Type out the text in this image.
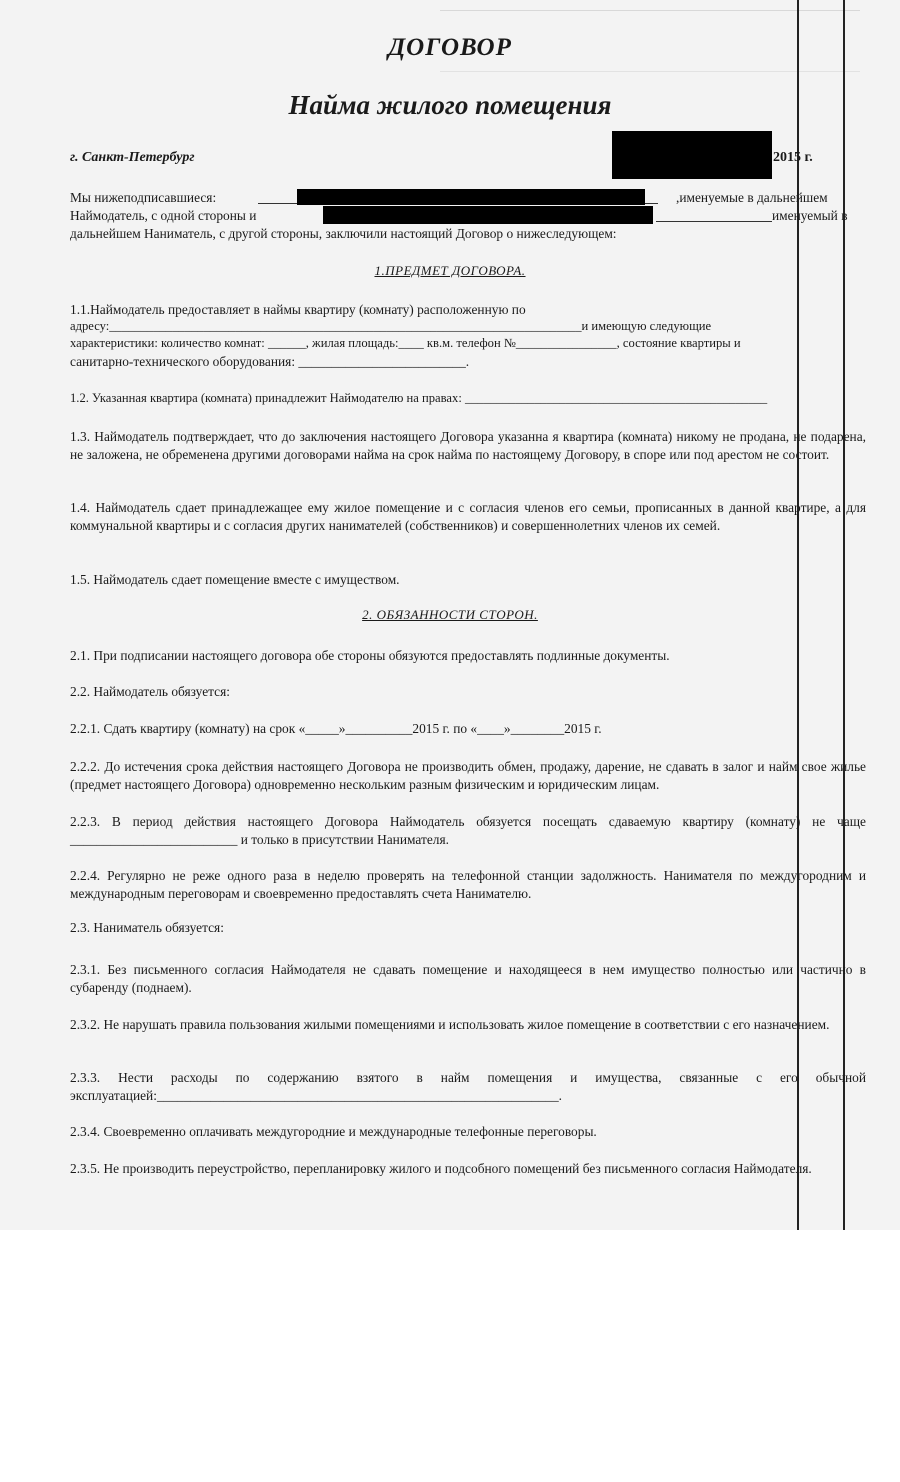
ДОГОВОР
Найма жилого помещения
г. Санкт-Петербург	2015 г.
Мы нижеподписавшиеся:	,именуемые в дальнейшем
Наймодатель, с одной стороны и	именуемый в
дальнейшем Наниматель, с другой стороны, заключили настоящий Договор о нижеследующем:
1.ПРЕДМЕТ ДОГОВОРА.
1.1.Наймодатель предоставляет в наймы квартиру (комнату) расположенную по
адресу:___________________________________________________________________________и имеющую следующие
характеристики: количество комнат: ______, жилая площадь:____ кв.м. телефон №________________, состояние квартиры и
санитарно-технического оборудования: _________________________.
1.2. Указанная квартира (комната) принадлежит Наймодателю на правах: ________________________________________________
1.3. Наймодатель подтверждает, что до заключения настоящего Договора указанна я квартира (комната) никому не продана, не подарена, не заложена, не обременена другими договорами найма на срок найма по настоящему Договору, в споре или под арестом не состоит.
1.4. Наймодатель сдает принадлежащее ему жилое помещение и с согласия членов его семьи, прописанных в данной квартире, а для коммунальной квартиры и с согласия других нанимателей (собственников) и совершеннолетних членов их семей.
1.5. Наймодатель сдает помещение вместе с имуществом.
2. ОБЯЗАННОСТИ СТОРОН.
2.1. При подписании настоящего договора обе стороны обязуются предоставлять подлинные документы.
2.2. Наймодатель обязуется:
2.2.1. Сдать квартиру (комнату) на срок «_____»__________2015 г. по «____»________2015 г.
2.2.2. До истечения срока действия настоящего Договора не производить обмен, продажу, дарение, не сдавать в залог и найм свое жилье (предмет настоящего Договора) одновременно нескольким разным физическим и юридическим лицам.
2.2.3. В период действия настоящего Договора Наймодатель обязуется посещать сдаваемую квартиру (комнату) не чаще _________________________ и только в присутствии Нанимателя.
2.2.4. Регулярно не реже одного раза в неделю проверять на телефонной станции задолжность. Нанимателя по междугородним и международным переговорам и своевременно предоставлять счета Нанимателю.
2.3. Наниматель обязуется:
2.3.1. Без письменного согласия Наймодателя не сдавать помещение и находящееся в нем имущество полностью или частично в субаренду (поднаем).
2.3.2. Не нарушать правила пользования жилыми помещениями и использовать жилое помещение в соответствии с его назначением.
2.3.3. Нести расходы по содержанию взятого в найм помещения и имущества, связанные с его обычной эксплуатацией:____________________________________________________________.
2.3.4. Своевременно оплачивать междугородние и международные телефонные переговоры.
2.3.5. Не производить переустройство, перепланировку жилого и подсобного помещений без письменного согласия Наймодателя.
